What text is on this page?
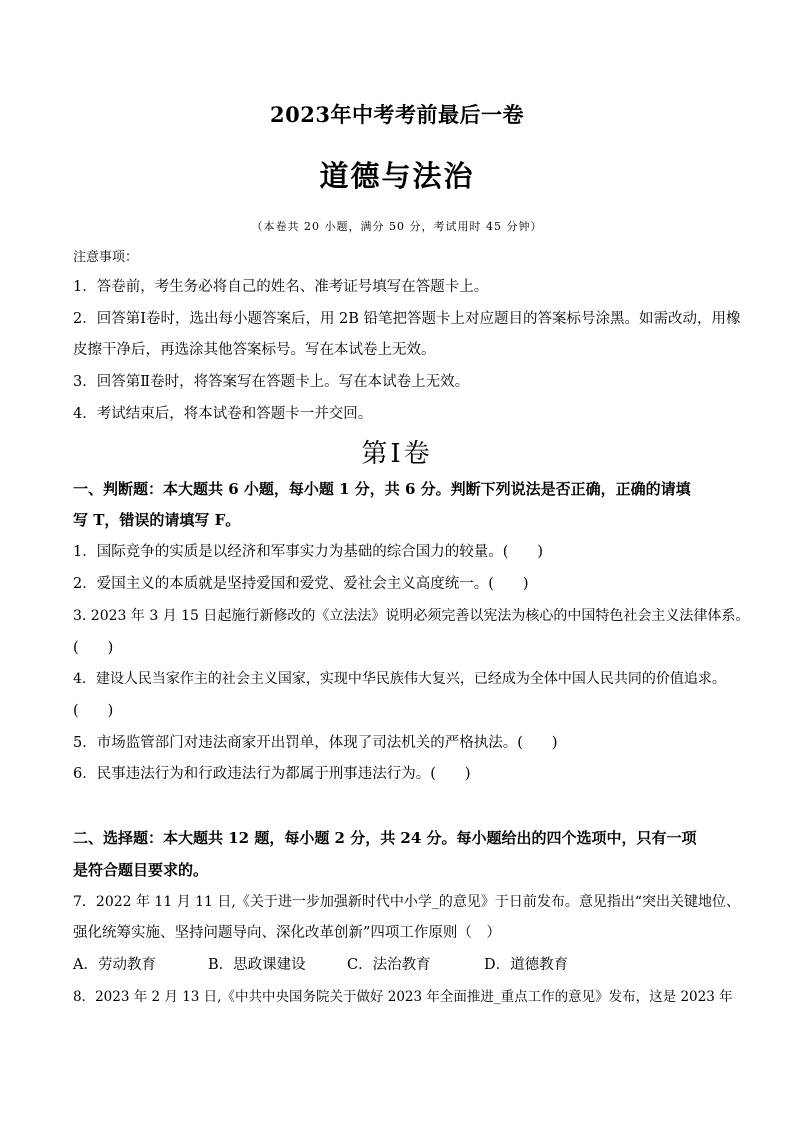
2023年中考考前最后一卷
道德与法治
（本卷共 20 小题，满分 50 分，考试用时 45 分钟）
注意事项：
1．答卷前，考生务必将自己的姓名、准考证号填写在答题卡上。
2．回答第Ⅰ卷时，选出每小题答案后，用 2B 铅笔把答题卡上对应题目的答案标号涂黑。如需改动，用橡
皮擦干净后，再选涂其他答案标号。写在本试卷上无效。
3．回答第Ⅱ卷时，将答案写在答题卡上。写在本试卷上无效。
4．考试结束后，将本试卷和答题卡一并交回。
第Ⅰ卷
一、判断题：本大题共 6 小题，每小题 1 分，共 6 分。判断下列说法是否正确，正确的请填
写 T，错误的请填写 F。
1．国际竞争的实质是以经济和军事实力为基础的综合国力的较量。(　　)
2．爱国主义的本质就是坚持爱国和爱党、爱社会主义高度统一。(　　)
3. 2023 年 3 月 15 日起施行新修改的《立法法》说明必须完善以宪法为核心的中国特色社会主义法律体系。
(　　)
4．建设人民当家作主的社会主义国家，实现中华民族伟大复兴，已经成为全体中国人民共同的价值追求。
(　　)
5．市场监管部门对违法商家开出罚单，体现了司法机关的严格执法。(　　)
6．民事违法行为和行政违法行为都属于刑事违法行为。(　　)
二、选择题：本大题共 12 题，每小题 2 分，共 24 分。每小题给出的四个选项中，只有一项
是符合题目要求的。
7．2022 年 11 月 11 日,《关于进一步加强新时代中小学_的意见》于日前发布。意见指出“突出关键地位、
强化统筹实施、坚持问题导向、深化改革创新”四项工作原则（　）
A．劳动教育	B．思政课建设	C．法治教育	D．道德教育
8．2023 年 2 月 13 日,《中共中央国务院关于做好 2023 年全面推进_重点工作的意见》发布，这是 2023 年
